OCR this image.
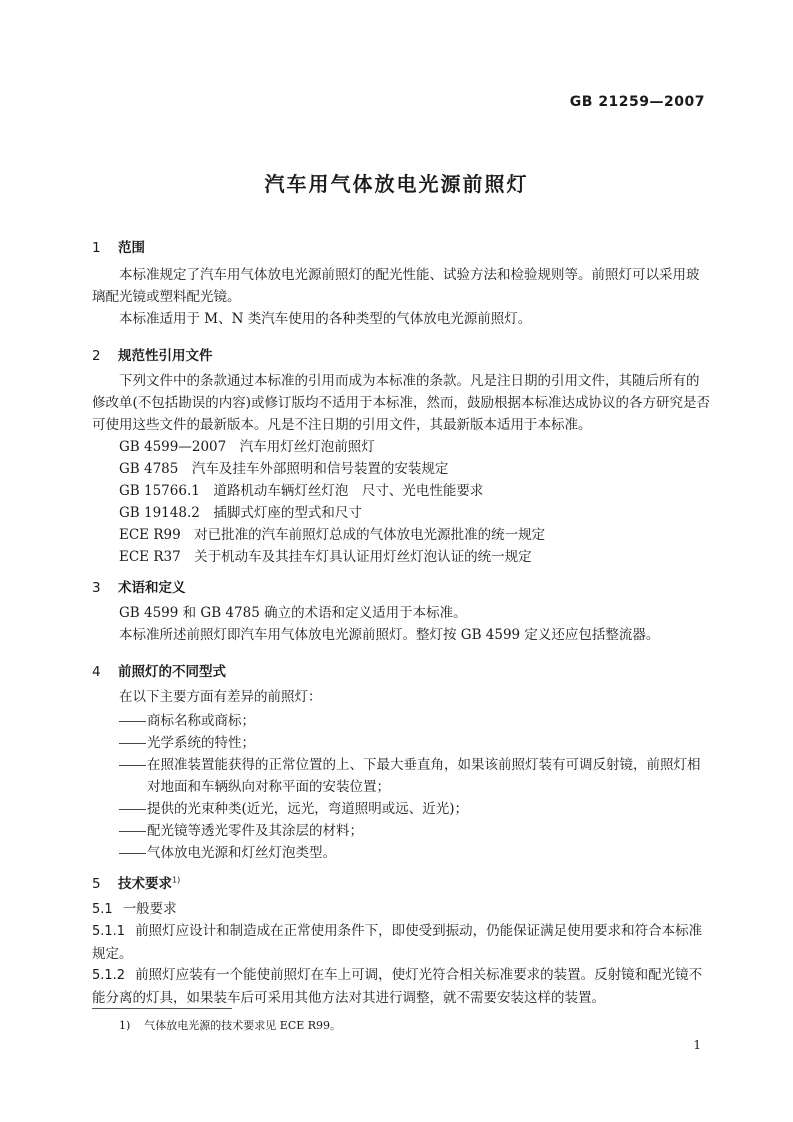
GB 21259—2007
汽车用气体放电光源前照灯
1 范围
本标准规定了汽车用气体放电光源前照灯的配光性能、试验方法和检验规则等。前照灯可以采用玻璃配光镜或塑料配光镜。
本标准适用于 M、N 类汽车使用的各种类型的气体放电光源前照灯。
2 规范性引用文件
下列文件中的条款通过本标准的引用而成为本标准的条款。凡是注日期的引用文件，其随后所有的修改单(不包括勘误的内容)或修订版均不适用于本标准，然而，鼓励根据本标准达成协议的各方研究是否可使用这些文件的最新版本。凡是不注日期的引用文件，其最新版本适用于本标准。
GB 4599—2007　汽车用灯丝灯泡前照灯
GB 4785　汽车及挂车外部照明和信号装置的安装规定
GB 15766.1　道路机动车辆灯丝灯泡　尺寸、光电性能要求
GB 19148.2　插脚式灯座的型式和尺寸
ECE R99　对已批准的汽车前照灯总成的气体放电光源批准的统一规定
ECE R37　关于机动车及其挂车灯具认证用灯丝灯泡认证的统一规定
3 术语和定义
GB 4599 和 GB 4785 确立的术语和定义适用于本标准。
本标准所述前照灯即汽车用气体放电光源前照灯。整灯按 GB 4599 定义还应包括整流器。
4 前照灯的不同型式
在以下主要方面有差异的前照灯：
商标名称或商标；
光学系统的特性；
在照准装置能获得的正常位置的上、下最大垂直角，如果该前照灯装有可调反射镜，前照灯相
对地面和车辆纵向对称平面的安装位置；
提供的光束种类(近光，远光，弯道照明或远、近光)；
配光镜等透光零件及其涂层的材料；
气体放电光源和灯丝灯泡类型。
5 技术要求$^{1)}$
5.1 一般要求
5.1.1 前照灯应设计和制造成在正常使用条件下，即使受到振动，仍能保证满足使用要求和符合本标准规定。
5.1.2 前照灯应装有一个能使前照灯在车上可调，使灯光符合相关标准要求的装置。反射镜和配光镜不能分离的灯具，如果装车后可采用其他方法对其进行调整，就不需要安装这样的装置。
1) 气体放电光源的技术要求见 ECE R99。
1
